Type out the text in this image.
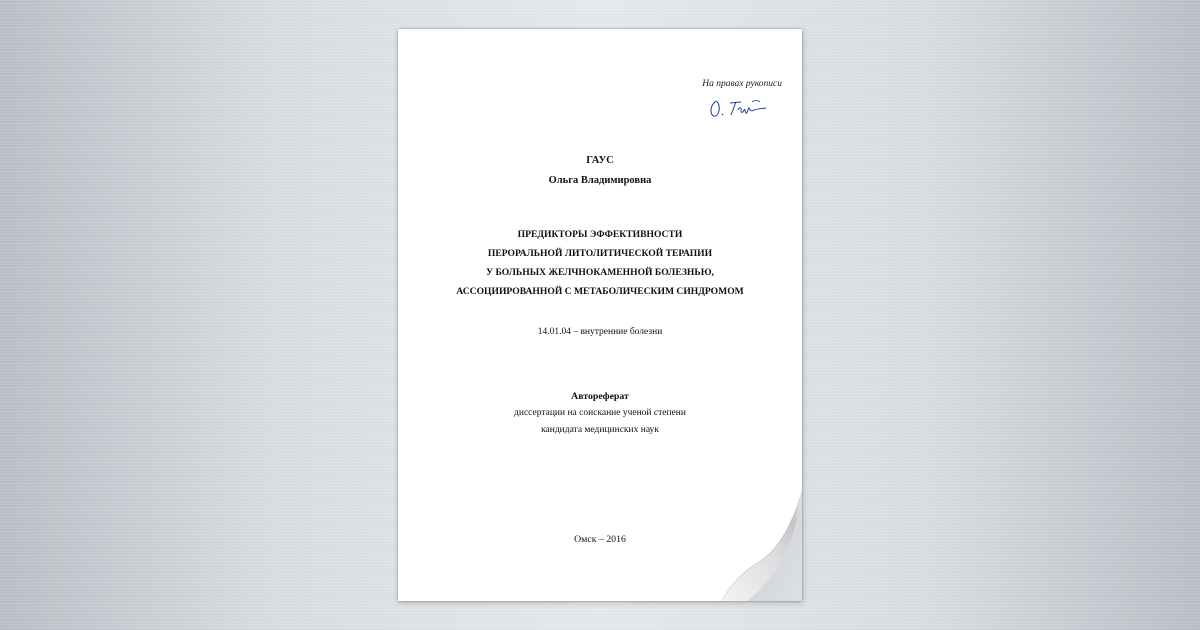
На правах рукописи
ГАУС
Ольга Владимировна
ПРЕДИКТОРЫ ЭФФЕКТИВНОСТИ
ПЕРОРАЛЬНОЙ ЛИТОЛИТИЧЕСКОЙ ТЕРАПИИ
У БОЛЬНЫХ ЖЕЛЧНОКАМЕННОЙ БОЛЕЗНЬЮ,
АССОЦИИРОВАННОЙ С МЕТАБОЛИЧЕСКИМ СИНДРОМОМ
14.01.04 – внутренние болезни
Автореферат
диссертации на соискание ученой степени
кандидата медицинских наук
Омск – 2016
